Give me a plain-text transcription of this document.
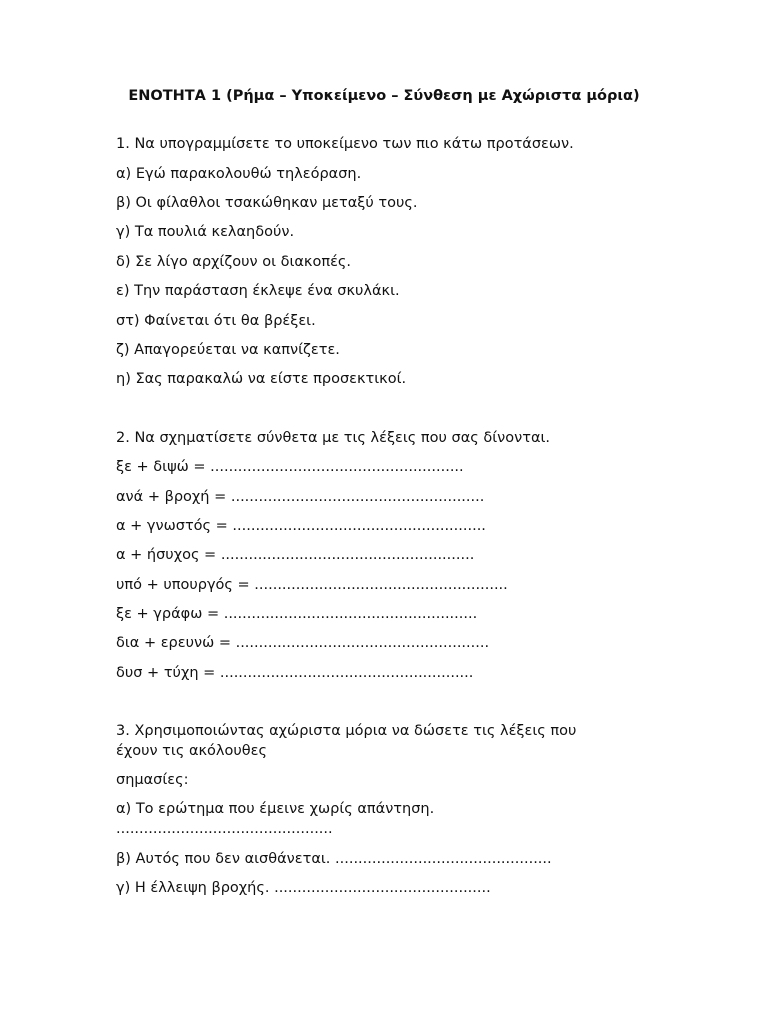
ΕΝΟΤΗΤΑ 1 (Ρήμα – Υποκείμενο – Σύνθεση με Αχώριστα μόρια)
1. Να υπογραμμίσετε το υποκείμενο των πιο κάτω προτάσεων.
α) Εγώ παρακολουθώ τηλεόραση.
β) Οι φίλαθλοι τσακώθηκαν μεταξύ τους.
γ) Τα πουλιά κελαηδούν.
δ) Σε λίγο αρχίζουν οι διακοπές.
ε) Την παράσταση έκλεψε ένα σκυλάκι.
στ) Φαίνεται ότι θα βρέξει.
ζ) Απαγορεύεται να καπνίζετε.
η) Σας παρακαλώ να είστε προσεκτικοί.
2. Να σχηματίσετε σύνθετα με τις λέξεις που σας δίνονται.
ξε + διψώ = .......................................................
ανά + βροχή = .......................................................
α + γνωστός = .......................................................
α + ήσυχος = .......................................................
υπό + υπουργός = .......................................................
ξε + γράφω = .......................................................
δια + ερευνώ = .......................................................
δυσ + τύχη = .......................................................
3. Χρησιμοποιώντας αχώριστα μόρια να δώσετε τις λέξεις που
έχουν τις ακόλουθες
σημασίες:
α) Το ερώτημα που έμεινε χωρίς απάντηση.
...............................................
β) Αυτός που δεν αισθάνεται. ...............................................
γ) Η έλλειψη βροχής. ...............................................
